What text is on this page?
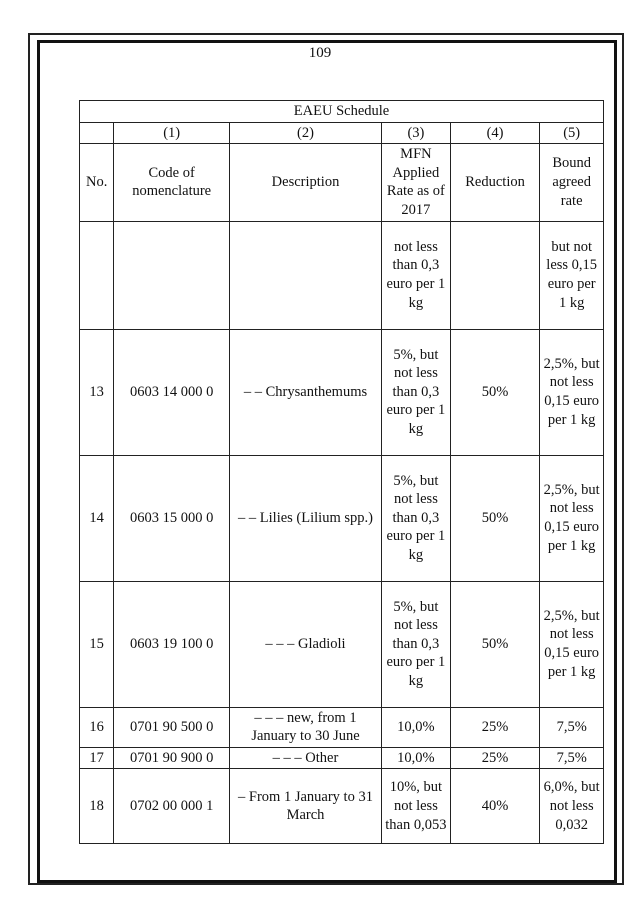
109
EAEU Schedule					
	(1)	(2)	(3)	(4)	(5)
No.	Code of nomenclature	Description	MFN Applied Rate as of 2017	Reduction	Bound agreed rate
			not less than 0,3 euro per 1 kg		but not less 0,15 euro per 1 kg
13	0603 14 000 0	– – Chrysanthemums	5%, but not less than 0,3 euro per 1 kg	50%	2,5%, but not less 0,15 euro per 1 kg
14	0603 15 000 0	– – Lilies (Lilium spp.)	5%, but not less than 0,3 euro per 1 kg	50%	2,5%, but not less 0,15 euro per 1 kg
15	0603 19 100 0	– – – Gladioli	5%, but not less than 0,3 euro per 1 kg	50%	2,5%, but not less 0,15 euro per 1 kg
16	0701 90 500 0	– – – new, from 1 January to 30 June	10,0%	25%	7,5%
17	0701 90 900 0	– – – Other	10,0%	25%	7,5%
18	0702 00 000 1	– From 1 January to 31 March	10%, but not less than 0,053	40%	6,0%, but not less 0,032
